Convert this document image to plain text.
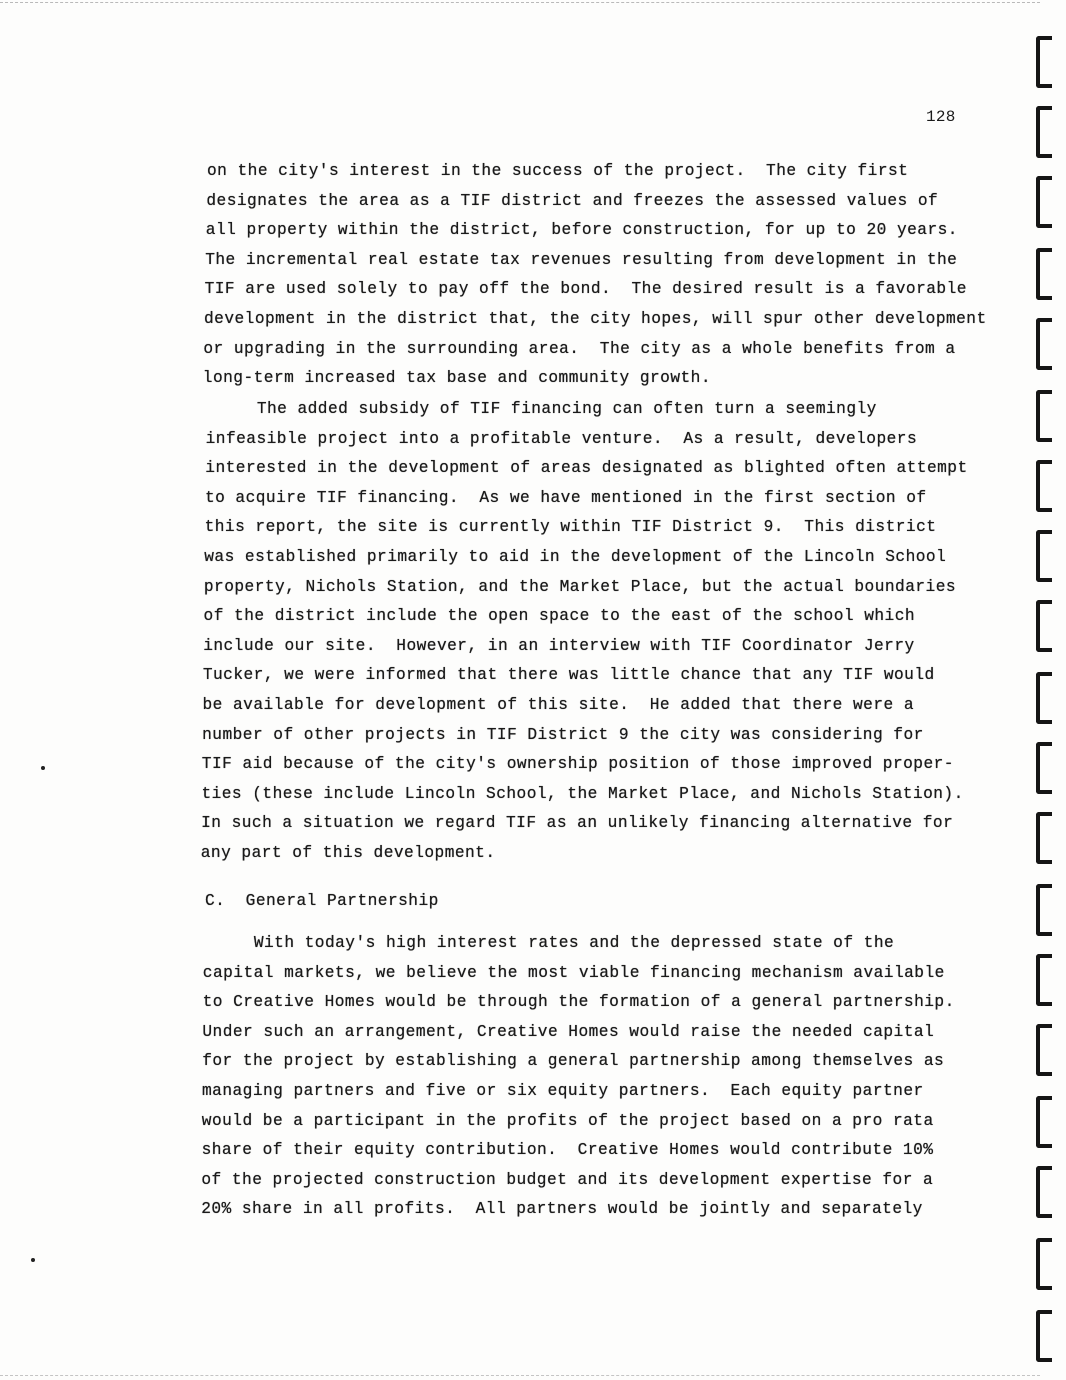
128
on the city's interest in the success of the project.  The city first
designates the area as a TIF district and freezes the assessed values of
all property within the district, before construction, for up to 20 years.
The incremental real estate tax revenues resulting from development in the
TIF are used solely to pay off the bond.  The desired result is a favorable
development in the district that, the city hopes, will spur other development
or upgrading in the surrounding area.  The city as a whole benefits from a
long-term increased tax base and community growth.
The added subsidy of TIF financing can often turn a seemingly
infeasible project into a profitable venture.  As a result, developers
interested in the development of areas designated as blighted often attempt
to acquire TIF financing.  As we have mentioned in the first section of
this report, the site is currently within TIF District 9.  This district
was established primarily to aid in the development of the Lincoln School
property, Nichols Station, and the Market Place, but the actual boundaries
of the district include the open space to the east of the school which
include our site.  However, in an interview with TIF Coordinator Jerry
Tucker, we were informed that there was little chance that any TIF would
be available for development of this site.  He added that there were a
number of other projects in TIF District 9 the city was considering for
TIF aid because of the city's ownership position of those improved proper-
ties (these include Lincoln School, the Market Place, and Nichols Station).
In such a situation we regard TIF as an unlikely financing alternative for
any part of this development.
C.  General Partnership
With today's high interest rates and the depressed state of the
capital markets, we believe the most viable financing mechanism available
to Creative Homes would be through the formation of a general partnership.
Under such an arrangement, Creative Homes would raise the needed capital
for the project by establishing a general partnership among themselves as
managing partners and five or six equity partners.  Each equity partner
would be a participant in the profits of the project based on a pro rata
share of their equity contribution.  Creative Homes would contribute 10%
of the projected construction budget and its development expertise for a
20% share in all profits.  All partners would be jointly and separately
